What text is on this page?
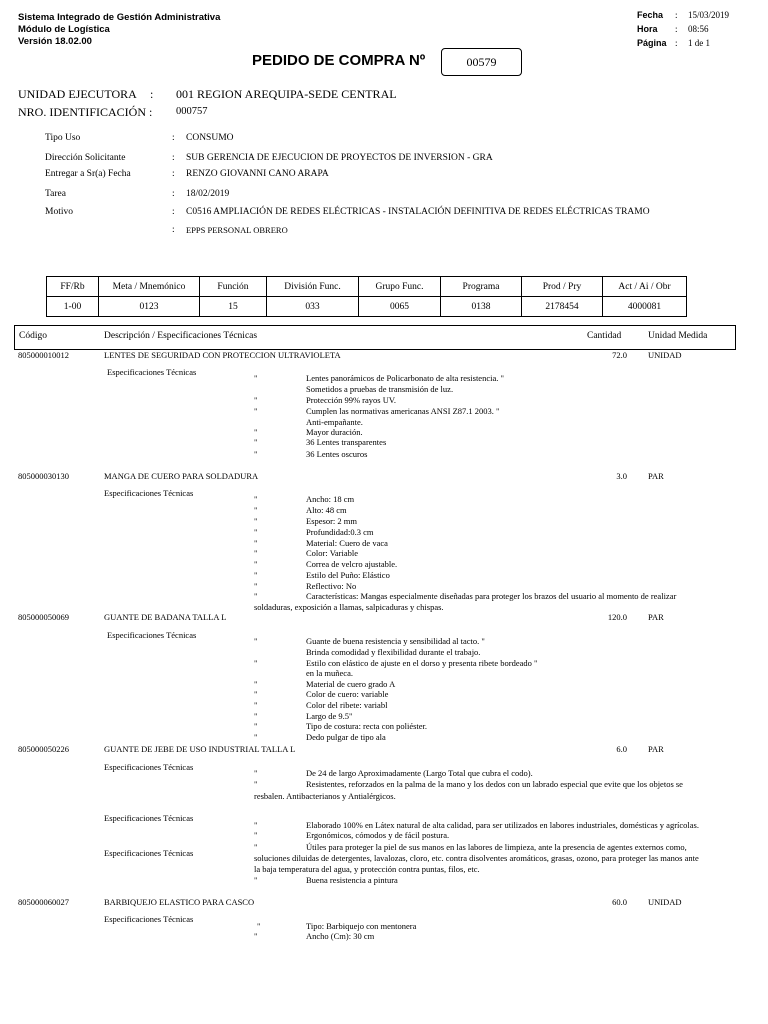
Sistema Integrado de Gestión Administrativa
Módulo de Logística
Versión 18.02.00
Fecha : 15/03/2019
Hora : 08:56
Página : 1 de 1
PEDIDO DE COMPRA Nº	00579
UNIDAD EJECUTORA : 001 REGION AREQUIPA-SEDE CENTRAL
NRO. IDENTIFICACIÓN : 000757
Tipo Uso	: CONSUMO
Dirección Solicitante	: SUB GERENCIA DE EJECUCION DE PROYECTOS DE INVERSION - GRA
Entregar a Sr(a) Fecha	: RENZO GIOVANNI CANO ARAPA
Tarea	: 18/02/2019
Motivo	: C0516 AMPLIACIÓN DE REDES ELÉCTRICAS - INSTALACIÓN DEFINITIVA DE REDES ELÉCTRICAS TRAMO
: EPPS PERSONAL OBRERO
FF/Rb	Meta / Mnemónico	Función	División Func.	Grupo Func.	Programa	Prod / Pry	Act / Ai / Obr
1-00	0123	15	033	0065	0138	2178454	4000081
Código	Descripción / Especificaciones Técnicas	Cantidad	Unidad Medida
805000010012	LENTES DE SEGURIDAD CON PROTECCION ULTRAVIOLETA	72.0 UNIDAD
Especificaciones Técnicas
"	Lentes panorámicos de Policarbonato de alta resistencia. "
Sometidos a pruebas de transmisión de luz.
"	Protección 99% rayos UV.
"	Cumplen las normativas americanas ANSI Z87.1 2003. "
Anti-empañante.
"	Mayor duración.
"	36 Lentes transparentes
"	36 Lentes oscuros
805000030130	MANGA DE CUERO PARA SOLDADURA	3.0 PAR
Especificaciones Técnicas
"	Ancho: 18 cm
"	Alto: 48 cm
"	Espesor: 2 mm
"	Profundidad:0.3 cm
"	Material: Cuero de vaca
"	Color: Variable
"	Correa de velcro ajustable.
"	Estilo del Puño: Elástico
"	Reflectivo: No
"	Características: Mangas especialmente diseñadas para proteger los brazos del usuario al momento de realizar
soldaduras, exposición a llamas, salpicaduras y chispas.
805000050069	GUANTE DE BADANA TALLA L	120.0 PAR
Especificaciones Técnicas
"	Guante de buena resistencia y sensibilidad al tacto. "
Brinda comodidad y flexibilidad durante el trabajo.
"	Estilo con elástico de ajuste en el dorso y presenta ribete bordeado "
en la muñeca.
"	Material de cuero grado A
"	Color de cuero: variable
"	Color del ribete: variabl
"	Largo de 9.5"
"	Tipo de costura: recta con poliéster.
"	Dedo pulgar de tipo ala
805000050226	GUANTE DE JEBE DE USO INDUSTRIAL TALLA L	6.0 PAR
Especificaciones Técnicas
Especificaciones Técnicas
Especificaciones Técnicas
"	De 24 de largo Aproximadamente (Largo Total que cubra el codo).
"	Resistentes, reforzados en la palma de la mano y los dedos con un labrado especial que evite que los objetos se
resbalen. Antibacterianos y Antialérgicos.
"	Elaborado 100% en Látex natural de alta calidad, para ser utilizados en labores industriales, domésticas y agrícolas.
"	Ergonómicos, cómodos y de fácil postura.
"	Útiles para proteger la piel de sus manos en las labores de limpieza, ante la presencia de agentes externos como,
soluciones diluidas de detergentes, lavalozas, cloro, etc. contra disolventes aromáticos, grasas, ozono, para proteger las manos ante
la baja temperatura del agua, y protección contra puntas, filos, etc.
"	Buena resistencia a pintura
805000060027	BARBIQUEJO ELASTICO PARA CASCO	60.0 UNIDAD
Especificaciones Técnicas
"	Tipo: Barbiquejo con mentonera
"	Ancho (Cm): 30 cm
